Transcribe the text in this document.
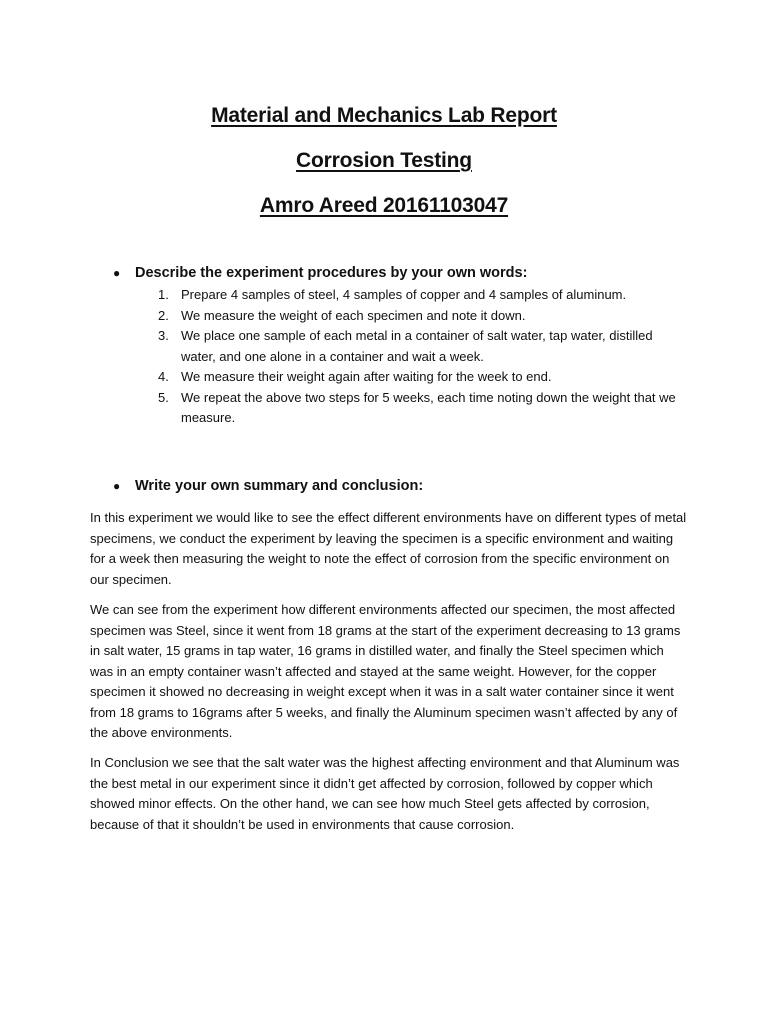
Material and Mechanics Lab Report
Corrosion Testing
Amro Areed 20161103047
● Describe the experiment procedures by your own words:
1. Prepare 4 samples of steel, 4 samples of copper and 4 samples of aluminum.
2. We measure the weight of each specimen and note it down.
3. We place one sample of each metal in a container of salt water, tap water, distilled water, and one alone in a container and wait a week.
4. We measure their weight again after waiting for the week to end.
5. We repeat the above two steps for 5 weeks, each time noting down the weight that we measure.
● Write your own summary and conclusion:

In this experiment we would like to see the effect different environments have on different types of metal specimens, we conduct the experiment by leaving the specimen is a specific environment and waiting for a week then measuring the weight to note the effect of corrosion from the specific environment on our specimen.

We can see from the experiment how different environments affected our specimen, the most affected specimen was Steel, since it went from 18 grams at the start of the experiment decreasing to 13 grams in salt water, 15 grams in tap water, 16 grams in distilled water, and finally the Steel specimen which was in an empty container wasn’t affected and stayed at the same weight. However, for the copper specimen it showed no decreasing in weight except when it was in a salt water container since it went from 18 grams to 16grams after 5 weeks, and finally the Aluminum specimen wasn’t affected by any of the above environments.

In Conclusion we see that the salt water was the highest affecting environment and that Aluminum was the best metal in our experiment since it didn’t get affected by corrosion, followed by copper which showed minor effects. On the other hand, we can see how much Steel gets affected by corrosion, because of that it shouldn’t be used in environments that cause corrosion.
